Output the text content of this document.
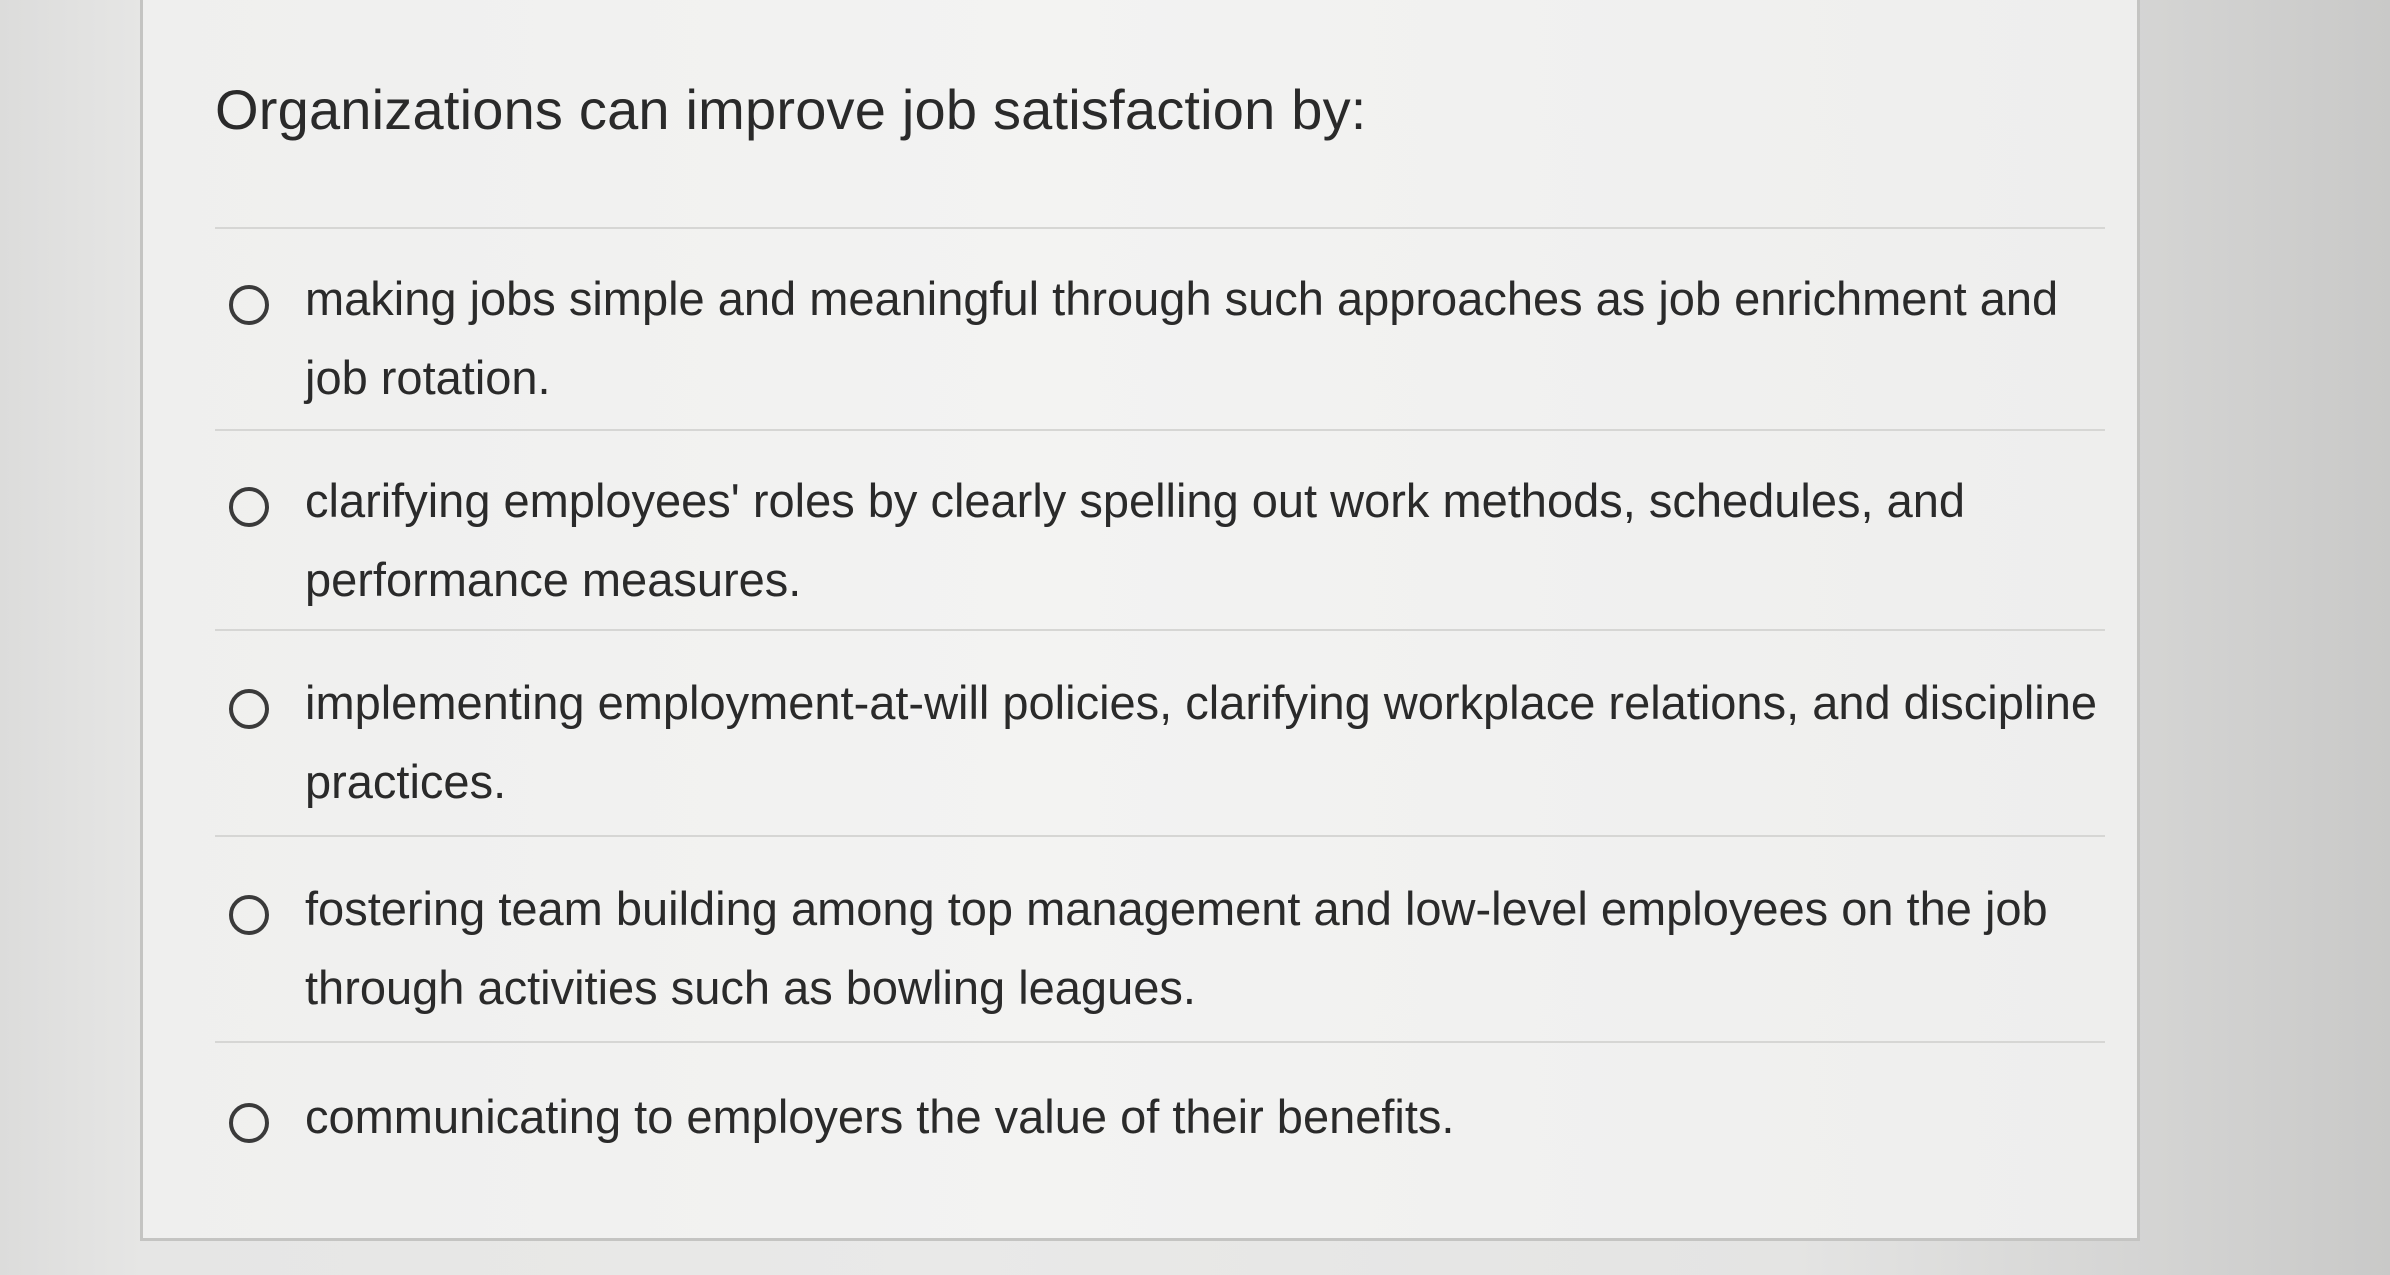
Organizations can improve job satisfaction by:
making jobs simple and meaningful through such approaches as job enrichment and job rotation.
clarifying employees' roles by clearly spelling out work methods, schedules, and performance measures.
implementing employment-at-will policies, clarifying workplace relations, and discipline practices.
fostering team building among top management and low-level employees on the job through activities such as bowling leagues.
communicating to employers the value of their benefits.
